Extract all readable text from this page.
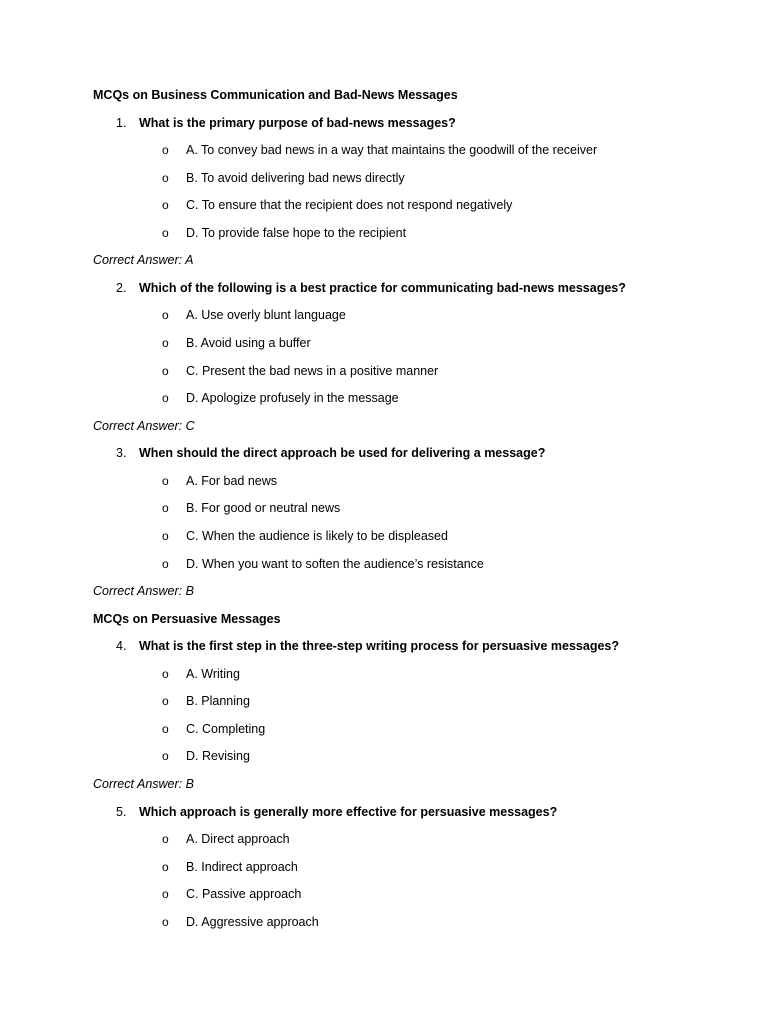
MCQs on Business Communication and Bad-News Messages
1. What is the primary purpose of bad-news messages?
o A. To convey bad news in a way that maintains the goodwill of the receiver
o B. To avoid delivering bad news directly
o C. To ensure that the recipient does not respond negatively
o D. To provide false hope to the recipient
Correct Answer: A
2. Which of the following is a best practice for communicating bad-news messages?
o A. Use overly blunt language
o B. Avoid using a buffer
o C. Present the bad news in a positive manner
o D. Apologize profusely in the message
Correct Answer: C
3. When should the direct approach be used for delivering a message?
o A. For bad news
o B. For good or neutral news
o C. When the audience is likely to be displeased
o D. When you want to soften the audience’s resistance
Correct Answer: B
MCQs on Persuasive Messages
4. What is the first step in the three-step writing process for persuasive messages?
o A. Writing
o B. Planning
o C. Completing
o D. Revising
Correct Answer: B
5. Which approach is generally more effective for persuasive messages?
o A. Direct approach
o B. Indirect approach
o C. Passive approach
o D. Aggressive approach
